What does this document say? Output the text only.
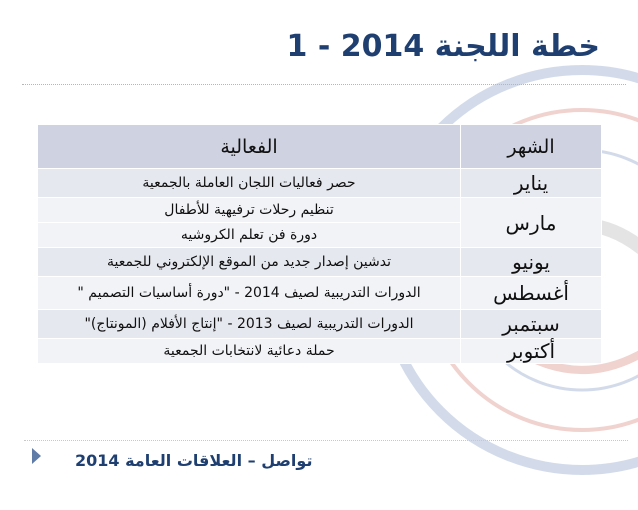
خطة اللجنة 2014 - 1
الشهر	الفعالية
يناير	حصر فعاليات اللجان العاملة بالجمعية
مارس	تنظيم رحلات ترفيهية للأطفال
	دورة فن تعلم الكروشيه
يونيو	تدشين إصدار جديد من الموقع الإلكتروني للجمعية
أغسطس	الدورات التدريبية لصيف 2014 - "دورة أساسيات التصميم "
سبتمبر	الدورات التدريبية لصيف 2013 - "إنتاج الأفلام (المونتاج)"
أكتوبر	حملة دعائية لانتخابات الجمعية
تواصل – العلاقات العامة 2014
